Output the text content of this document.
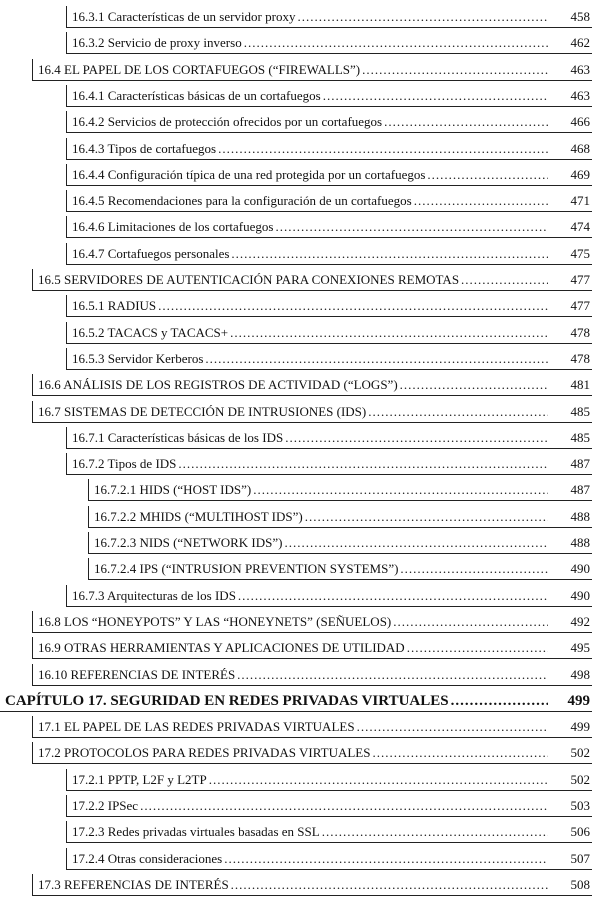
16.3.1 Características de un servidor proxy .....	458
16.3.2 Servicio de proxy inverso .....	462
16.4 EL PAPEL DE LOS CORTAFUEGOS (“FIREWALLS”) .....	463
16.4.1 Características básicas de un cortafuegos .....	463
16.4.2 Servicios de protección ofrecidos por un cortafuegos .....	466
16.4.3 Tipos de cortafuegos .....	468
16.4.4 Configuración típica de una red protegida por un cortafuegos .....	469
16.4.5 Recomendaciones para la configuración de un cortafuegos .....	471
16.4.6 Limitaciones de los cortafuegos .....	474
16.4.7 Cortafuegos personales .....	475
16.5 SERVIDORES DE AUTENTICACIÓN PARA CONEXIONES REMOTAS .....	477
16.5.1 RADIUS .....	477
16.5.2 TACACS y TACACS+ .....	478
16.5.3 Servidor Kerberos .....	478
16.6 ANÁLISIS DE LOS REGISTROS DE ACTIVIDAD (“LOGS”) .....	481
16.7 SISTEMAS DE DETECCIÓN DE INTRUSIONES (IDS) .....	485
16.7.1 Características básicas de los IDS .....	485
16.7.2 Tipos de IDS .....	487
16.7.2.1 HIDS (“HOST IDS”) .....	487
16.7.2.2 MHIDS (“MULTIHOST IDS”) .....	488
16.7.2.3 NIDS (“NETWORK IDS”) .....	488
16.7.2.4 IPS (“INTRUSION PREVENTION SYSTEMS”) .....	490
16.7.3 Arquitecturas de los IDS .....	490
16.8 LOS “HONEYPOTS” Y LAS “HONEYNETS” (SEÑUELOS) .....	492
16.9 OTRAS HERRAMIENTAS Y APLICACIONES DE UTILIDAD .....	495
16.10 REFERENCIAS DE INTERÉS .....	498
CAPÍTULO 17. SEGURIDAD EN REDES PRIVADAS VIRTUALES .....	499
17.1 EL PAPEL DE LAS REDES PRIVADAS VIRTUALES .....	499
17.2 PROTOCOLOS PARA REDES PRIVADAS VIRTUALES .....	502
17.2.1 PPTP, L2F y L2TP .....	502
17.2.2 IPSec .....	503
17.2.3 Redes privadas virtuales basadas en SSL .....	506
17.2.4 Otras consideraciones .....	507
17.3 REFERENCIAS DE INTERÉS .....	508
